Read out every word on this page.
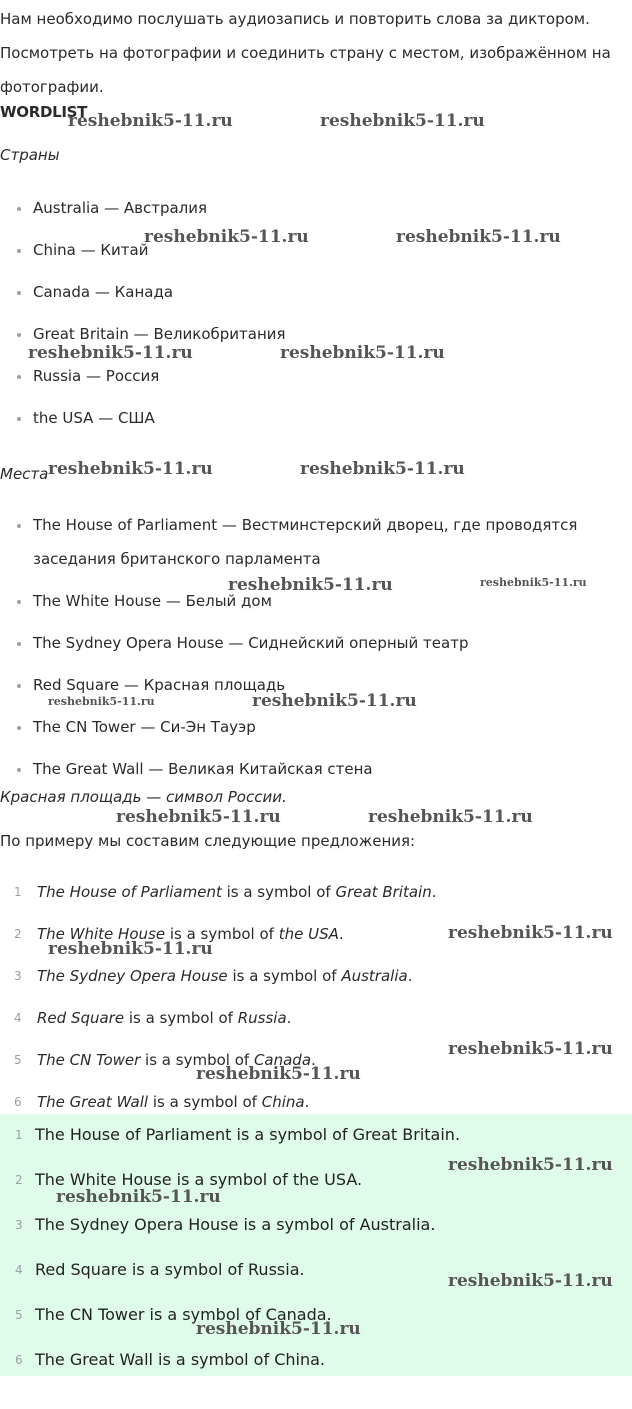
Нам необходимо послушать аудиозапись и повторить слова за диктором.
Посмотреть на фотографии и соединить страну с местом, изображённом на фотографии.

WORDLIST

Страны

Australia — Австралия
China — Китай
Canada — Канада
Great Britain — Великобритания
Russia — Россия
the USA — США

Места

The House of Parliament — Вестминстерский дворец, где проводятся заседания британского парламента
The White House — Белый дом
The Sydney Opera House — Сиднейский оперный театр
Red Square — Красная площадь
The CN Tower — Си-Эн Тауэр
The Great Wall — Великая Китайская стена

Красная площадь — символ России.

По примеру мы составим следующие предложения:

1 The House of Parliament is a symbol of Great Britain.
2 The White House is a symbol of the USA.
3 The Sydney Opera House is a symbol of Australia.
4 Red Square is a symbol of Russia.
5 The CN Tower is a symbol of Canada.
6 The Great Wall is a symbol of China.
1 The House of Parliament is a symbol of Great Britain.
2 The White House is a symbol of the USA.
3 The Sydney Opera House is a symbol of Australia.
4 Red Square is a symbol of Russia.
5 The CN Tower is a symbol of Canada.
6 The Great Wall is a symbol of China.
reshebnik5-11.ru	reshebnik5-11.ru
reshebnik5-11.ru	reshebnik5-11.ru
reshebnik5-11.ru	reshebnik5-11.ru
reshebnik5-11.ru	reshebnik5-11.ru
reshebnik5-11.ru	reshebnik5-11.ru
reshebnik5-11.ru	reshebnik5-11.ru
reshebnik5-11.ru	reshebnik5-11.ru
reshebnik5-11.ru
reshebnik5-11.ru
reshebnik5-11.ru
reshebnik5-11.ru
reshebnik5-11.ru
reshebnik5-11.ru
reshebnik5-11.ru
reshebnik5-11.ru
